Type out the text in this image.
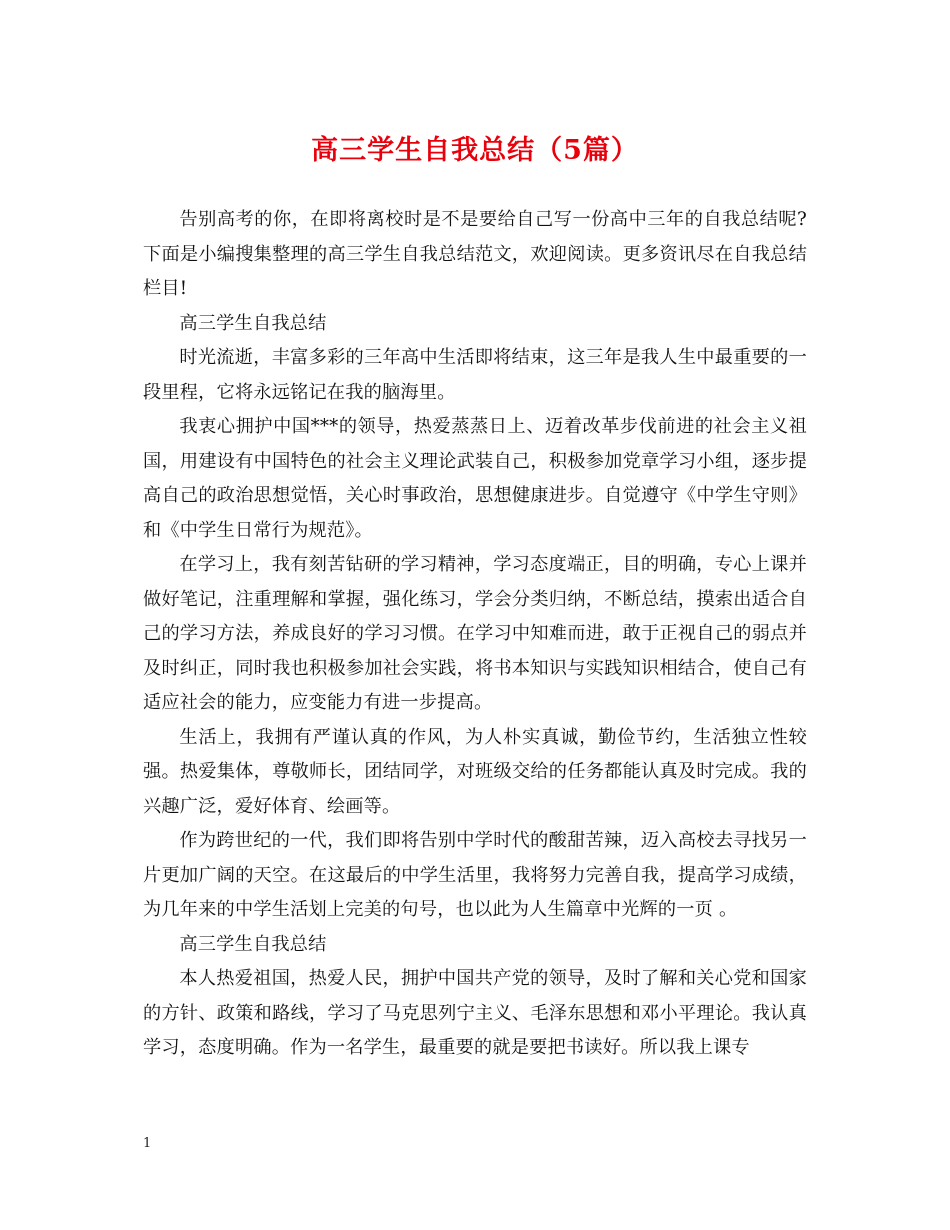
高三学生自我总结（5篇）

告别高考的你，在即将离校时是不是要给自己写一份高中三年的自我总结呢?下面是小编搜集整理的高三学生自我总结范文，欢迎阅读。更多资讯尽在自我总结栏目!

高三学生自我总结

时光流逝，丰富多彩的三年高中生活即将结束，这三年是我人生中最重要的一段里程，它将永远铭记在我的脑海里。

我衷心拥护中国***的领导，热爱蒸蒸日上、迈着改革步伐前进的社会主义祖国，用建设有中国特色的社会主义理论武装自己，积极参加党章学习小组，逐步提高自己的政治思想觉悟，关心时事政治，思想健康进步。自觉遵守《中学生守则》和《中学生日常行为规范》。

在学习上，我有刻苦钻研的学习精神，学习态度端正，目的明确，专心上课并做好笔记，注重理解和掌握，强化练习，学会分类归纳，不断总结，摸索出适合自己的学习方法，养成良好的学习习惯。在学习中知难而进，敢于正视自己的弱点并及时纠正，同时我也积极参加社会实践，将书本知识与实践知识相结合，使自己有适应社会的能力，应变能力有进一步提高。

生活上，我拥有严谨认真的作风，为人朴实真诚，勤俭节约，生活独立性较强。热爱集体，尊敬师长，团结同学，对班级交给的任务都能认真及时完成。我的兴趣广泛，爱好体育、绘画等。

作为跨世纪的一代，我们即将告别中学时代的酸甜苦辣，迈入高校去寻找另一片更加广阔的天空。在这最后的中学生活里，我将努力完善自我，提高学习成绩，为几年来的中学生活划上完美的句号，也以此为人生篇章中光辉的一页 。

高三学生自我总结

本人热爱祖国，热爱人民，拥护中国共产党的领导，及时了解和关心党和国家的方针、政策和路线，学习了马克思列宁主义、毛泽东思想和邓小平理论。我认真学习，态度明确。作为一名学生，最重要的就是要把书读好。所以我上课专

1
